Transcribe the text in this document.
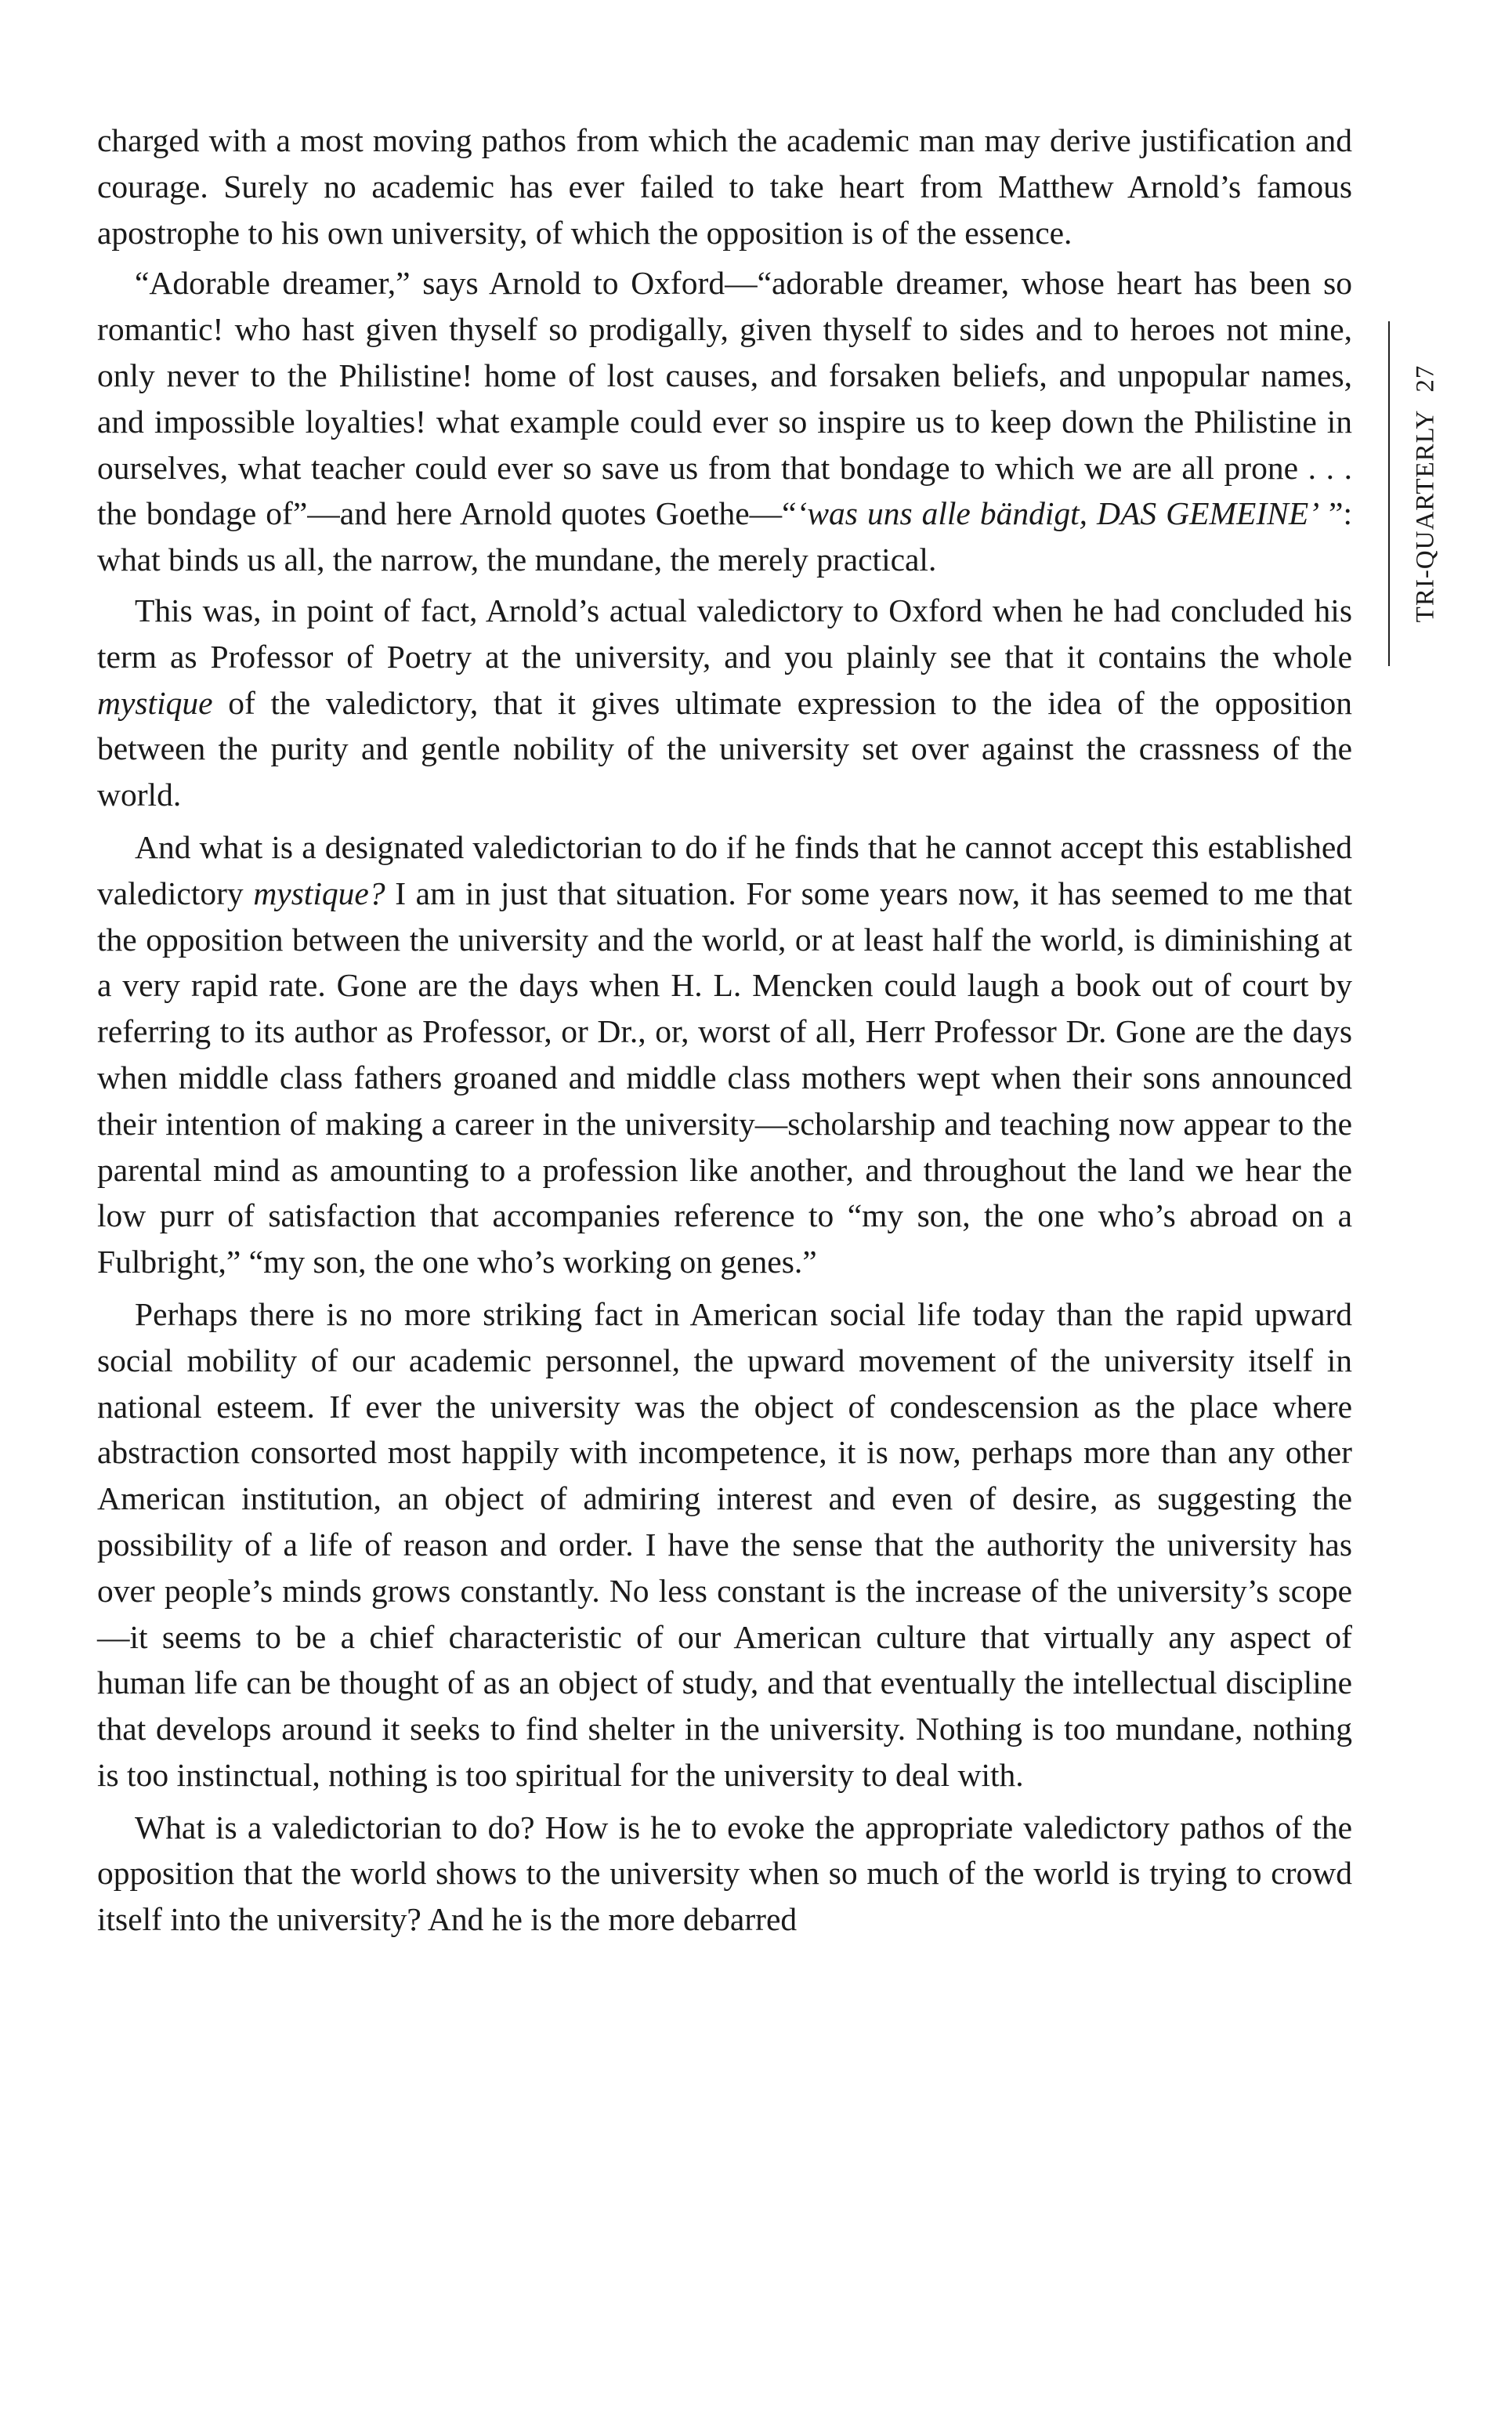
charged with a most moving pathos from which the academic man may derive justification and courage. Surely no academic has ever failed to take heart from Matthew Arnold’s famous apostrophe to his own university, of which the opposition is of the essence.

“Adorable dreamer,” says Arnold to Oxford—“adorable dreamer, whose heart has been so romantic! who hast given thyself so prodigally, given thyself to sides and to heroes not mine, only never to the Philistine! home of lost causes, and forsaken beliefs, and unpopular names, and impossible loyalties! what example could ever so inspire us to keep down the Philistine in ourselves, what teacher could ever so save us from that bondage to which we are all prone . . . the bondage of”—and here Arnold quotes Goethe—“‘was uns alle bändigt, DAS GEMEINE’ ”: what binds us all, the narrow, the mundane, the merely practical.

This was, in point of fact, Arnold’s actual valedictory to Oxford when he had concluded his term as Professor of Poetry at the university, and you plainly see that it contains the whole mystique of the valedictory, that it gives ultimate expression to the idea of the opposition between the purity and gentle nobility of the university set over against the crassness of the world.

And what is a designated valedictorian to do if he finds that he cannot accept this established valedictory mystique? I am in just that situation. For some years now, it has seemed to me that the opposition between the university and the world, or at least half the world, is diminishing at a very rapid rate. Gone are the days when H. L. Mencken could laugh a book out of court by referring to its author as Professor, or Dr., or, worst of all, Herr Professor Dr. Gone are the days when middle class fathers groaned and middle class mothers wept when their sons announced their intention of making a career in the university—scholarship and teaching now appear to the parental mind as amounting to a profession like another, and throughout the land we hear the low purr of satisfaction that accompanies reference to “my son, the one who’s abroad on a Fulbright,” “my son, the one who’s working on genes.”

Perhaps there is no more striking fact in American social life today than the rapid upward social mobility of our academic personnel, the upward movement of the university itself in national esteem. If ever the university was the object of condescension as the place where abstraction consorted most happily with incompetence, it is now, perhaps more than any other American institution, an object of admiring interest and even of desire, as suggesting the possibility of a life of reason and order. I have the sense that the authority the university has over people’s minds grows constantly. No less constant is the increase of the university’s scope—it seems to be a chief characteristic of our American culture that virtually any aspect of human life can be thought of as an object of study, and that eventually the intellectual discipline that develops around it seeks to find shelter in the university. Nothing is too mundane, nothing is too instinctual, nothing is too spiritual for the university to deal with.

What is a valedictorian to do? How is he to evoke the appropriate valedictory pathos of the opposition that the world shows to the university when so much of the world is trying to crowd itself into the university? And he is the more debarred

TRI-QUARTERLY27
